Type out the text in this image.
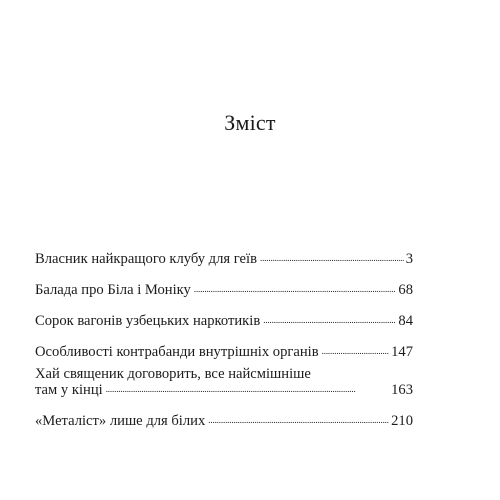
Зміст
Власник найкращого клубу для геїв . . .	3
Балада про Біла і Моніку . . .	68
Сорок вагонів узбецьких наркотиків . . .	84
Особливості контрабанди внутрішніх органів . . .	147
Хай священик договорить, все найсмішніше
там у кінці . . .	163
«Металіст» лише для білих . . .	210
